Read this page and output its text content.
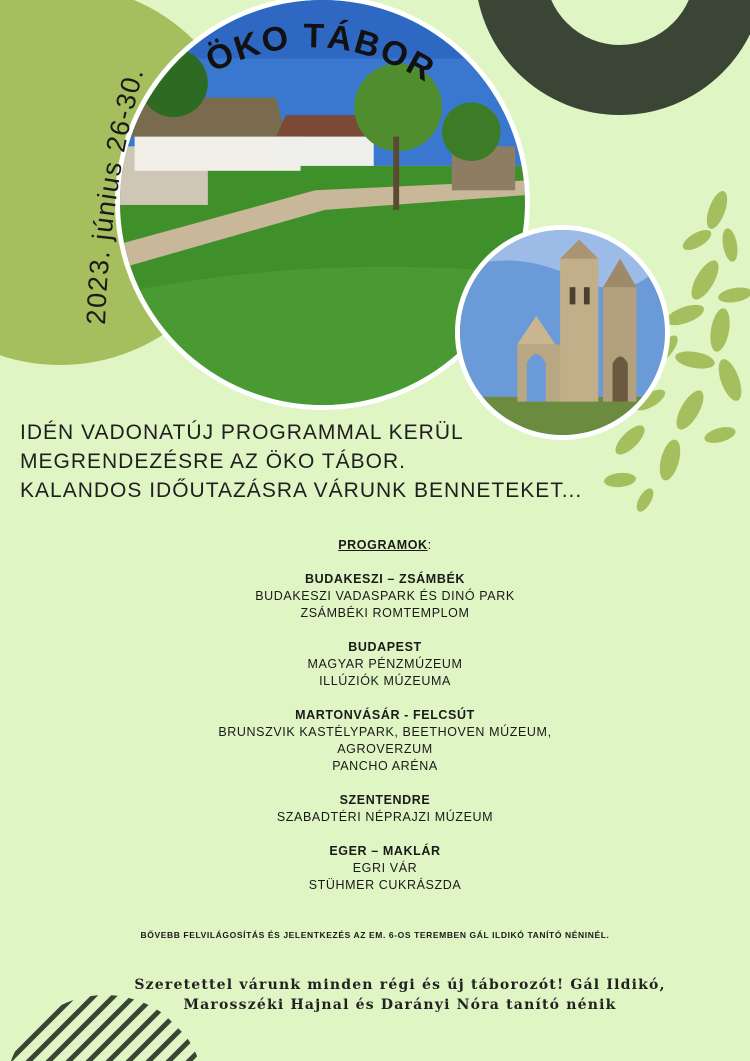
ÖKO TÁBOR
2023. június 26-30.
IDÉN VADONATÚJ PROGRAMMAL KERÜL
MEGRENDEZÉSRE AZ ÖKO TÁBOR.
KALANDOS IDŐUTAZÁSRA VÁRUNK BENNETEKET...
PROGRAMOK:
BUDAKESZI – ZSÁMBÉK
BUDAKESZI VADASPARK ÉS DINÓ PARK
ZSÁMBÉKI ROMTEMPLOM
BUDAPEST
MAGYAR PÉNZMÚZEUM
ILLÚZIÓK MÚZEUMA
MARTONVÁSÁR - FELCSÚT
BRUNSZVIK KASTÉLYPARK, BEETHOVEN MÚZEUM,
AGROVERZUM
PANCHO ARÉNA
SZENTENDRE
SZABADTÉRI NÉPRAJZI MÚZEUM
EGER – MAKLÁR
EGRI VÁR
STÜHMER CUKRÁSZDA
BŐVEBB FELVILÁGOSÍTÁS ÉS JELENTKEZÉS AZ EM. 6-OS TEREMBEN GÁL ILDIKÓ TANÍTÓ NÉNINÉL.
Szeretettel várunk minden régi és új táborozót! Gál Ildikó,
Marosszéki Hajnal és Darányi Nóra tanító nénik
